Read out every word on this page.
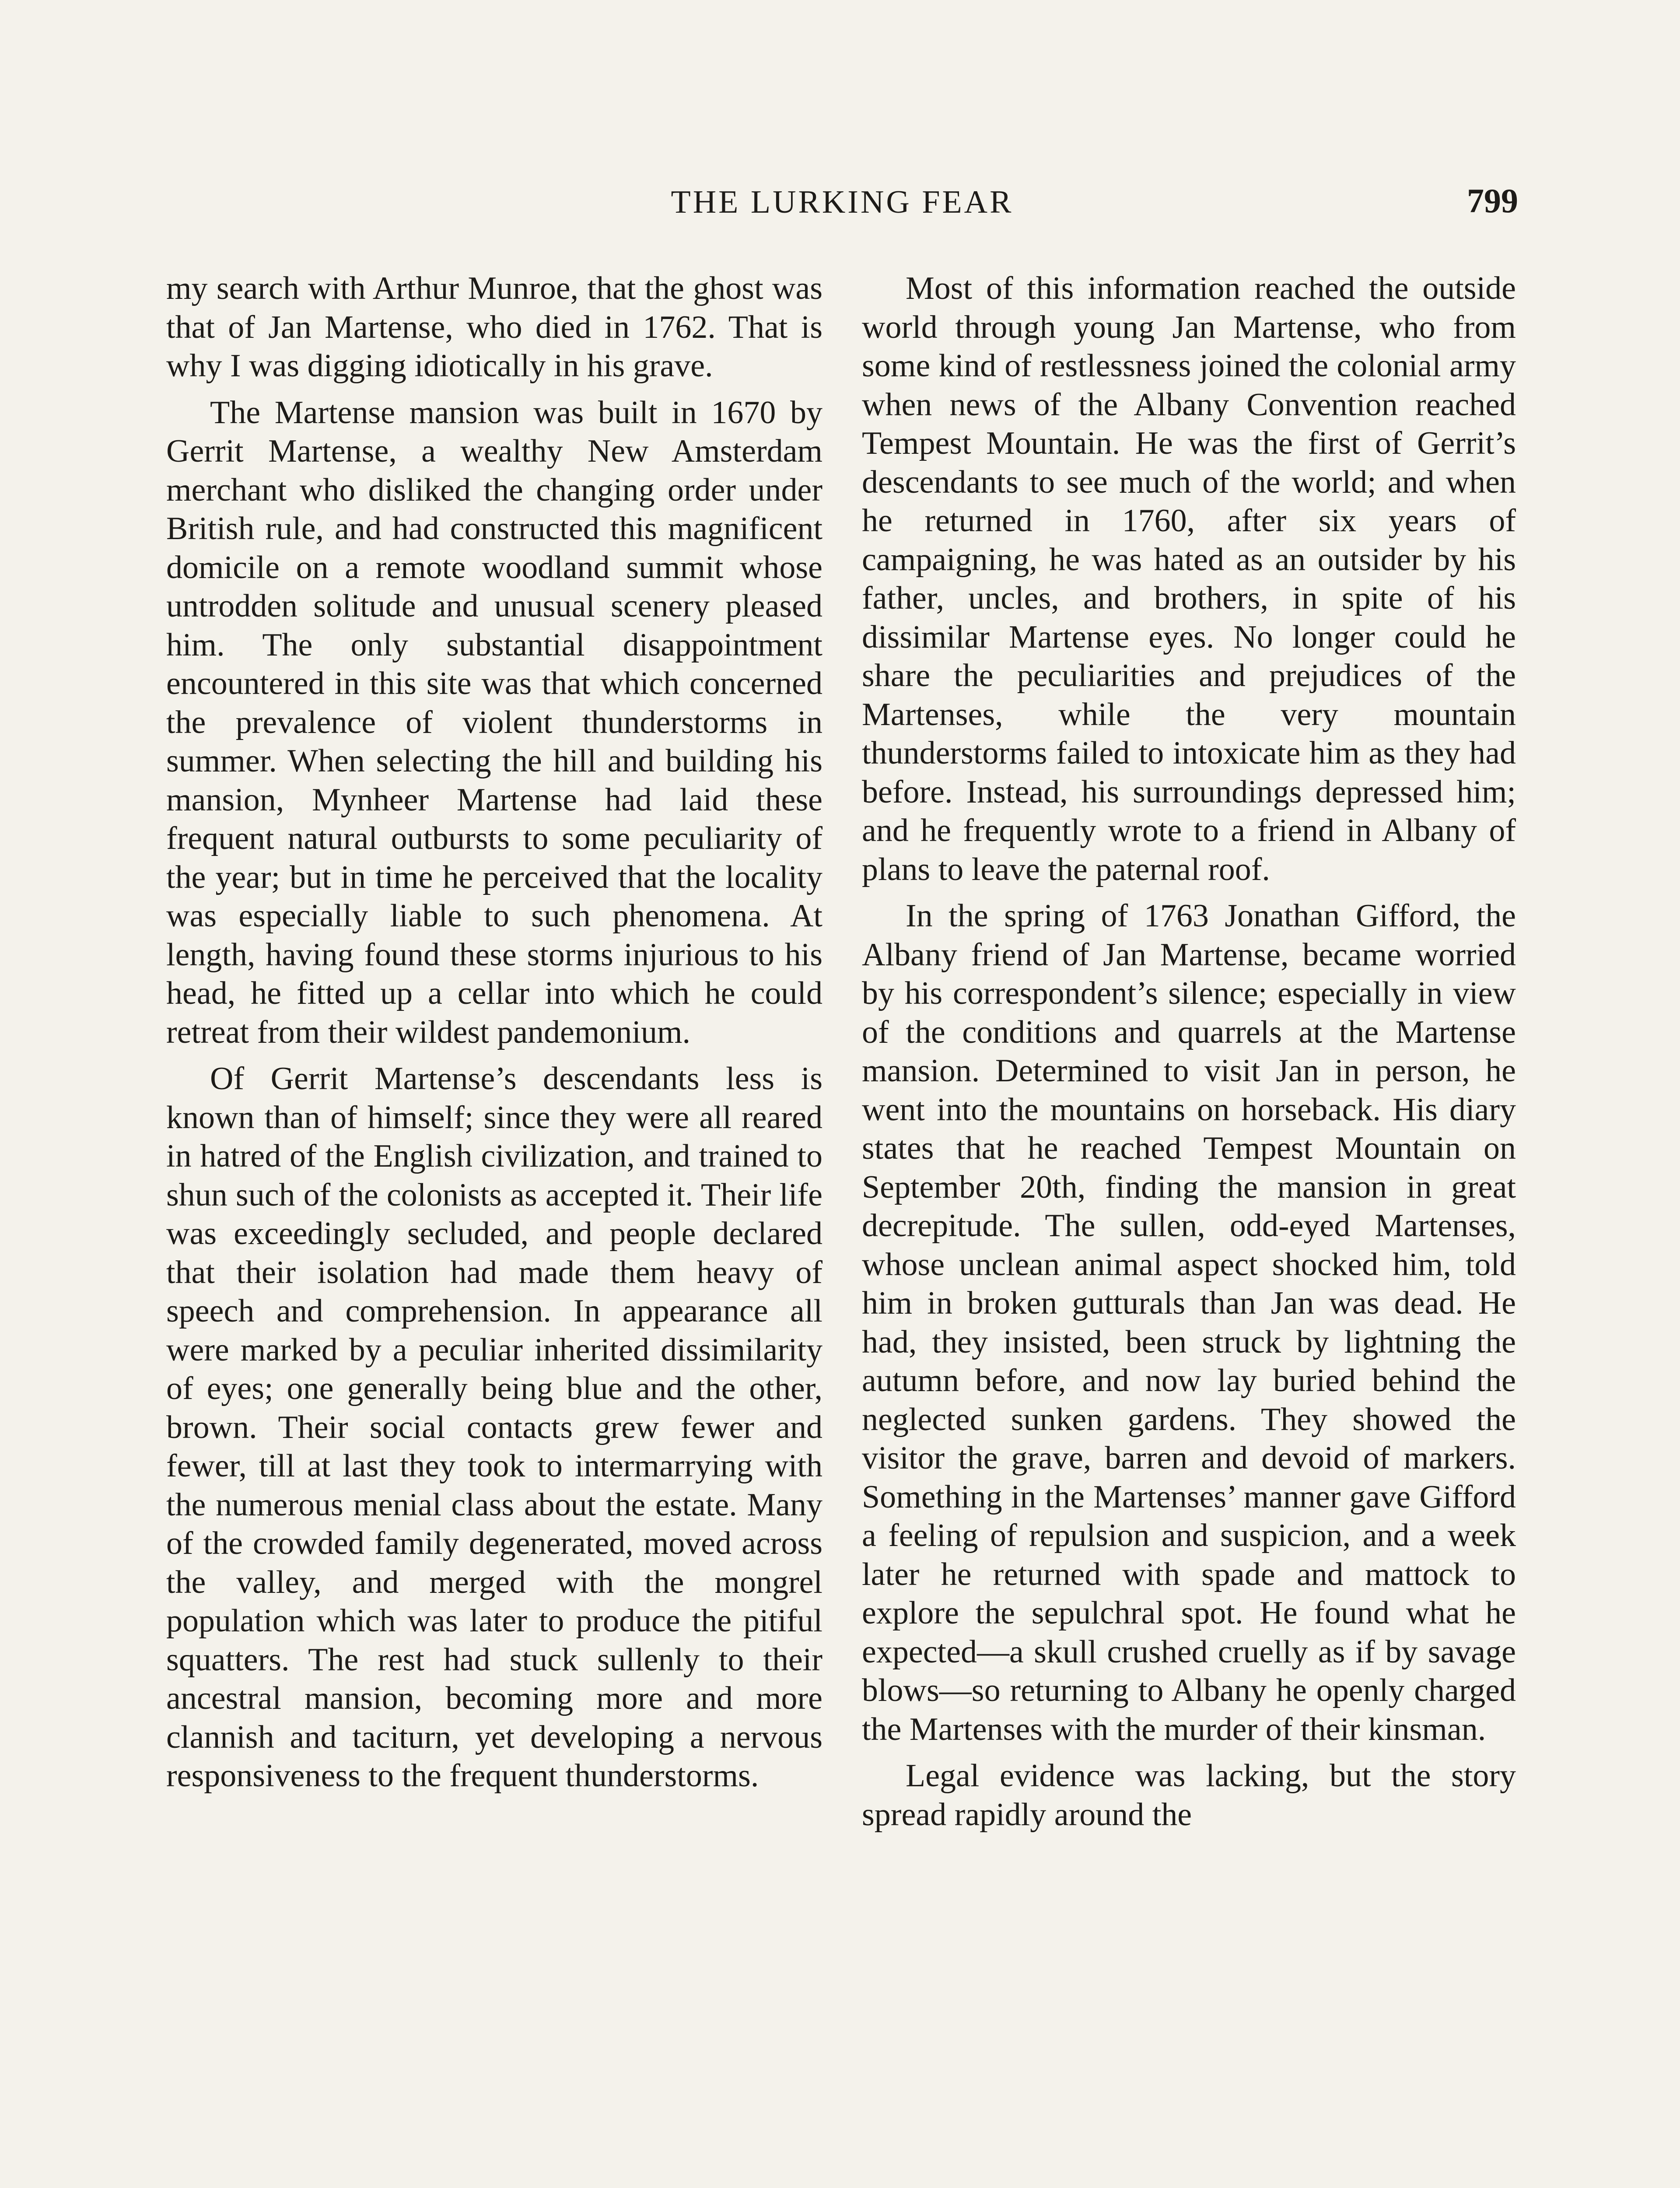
THE LURKING FEAR	799

my search with Arthur Munroe, that the ghost was that of Jan Martense, who died in 1762. That is why I was digging idiotically in his grave.

The Martense mansion was built in 1670 by Gerrit Martense, a wealthy New Amsterdam merchant who disliked the changing order under British rule, and had constructed this magnificent domicile on a remote woodland summit whose untrodden solitude and unusual scenery pleased him. The only substantial disappointment encountered in this site was that which concerned the prevalence of violent thunderstorms in summer. When selecting the hill and building his mansion, Mynheer Martense had laid these frequent natural outbursts to some peculiarity of the year; but in time he perceived that the locality was especially liable to such phenomena. At length, having found these storms injurious to his head, he fitted up a cellar into which he could retreat from their wildest pandemonium.

Of Gerrit Martense’s descendants less is known than of himself; since they were all reared in hatred of the English civilization, and trained to shun such of the colonists as accepted it. Their life was exceedingly secluded, and people declared that their isolation had made them heavy of speech and comprehension. In appearance all were marked by a peculiar inherited dissimilarity of eyes; one generally being blue and the other, brown. Their social contacts grew fewer and fewer, till at last they took to intermarrying with the numerous menial class about the estate. Many of the crowded family degenerated, moved across the valley, and merged with the mongrel population which was later to produce the pitiful squatters. The rest had stuck sullenly to their ancestral mansion, becoming more and more clannish and taciturn, yet developing a nervous responsiveness to the frequent thunderstorms.

Most of this information reached the outside world through young Jan Martense, who from some kind of restlessness joined the colonial army when news of the Albany Convention reached Tempest Mountain. He was the first of Gerrit’s descendants to see much of the world; and when he returned in 1760, after six years of campaigning, he was hated as an outsider by his father, uncles, and brothers, in spite of his dissimilar Martense eyes. No longer could he share the peculiarities and prejudices of the Martenses, while the very mountain thunderstorms failed to intoxicate him as they had before. Instead, his surroundings depressed him; and he frequently wrote to a friend in Albany of plans to leave the paternal roof.

In the spring of 1763 Jonathan Gifford, the Albany friend of Jan Martense, became worried by his correspondent’s silence; especially in view of the conditions and quarrels at the Martense mansion. Determined to visit Jan in person, he went into the mountains on horseback. His diary states that he reached Tempest Mountain on September 20th, finding the mansion in great decrepitude. The sullen, odd-eyed Martenses, whose unclean animal aspect shocked him, told him in broken gutturals than Jan was dead. He had, they insisted, been struck by lightning the autumn before, and now lay buried behind the neglected sunken gardens. They showed the visitor the grave, barren and devoid of markers. Something in the Martenses’ manner gave Gifford a feeling of repulsion and suspicion, and a week later he returned with spade and mattock to explore the sepulchral spot. He found what he expected—a skull crushed cruelly as if by savage blows—so returning to Albany he openly charged the Martenses with the murder of their kinsman.

Legal evidence was lacking, but the story spread rapidly around the
